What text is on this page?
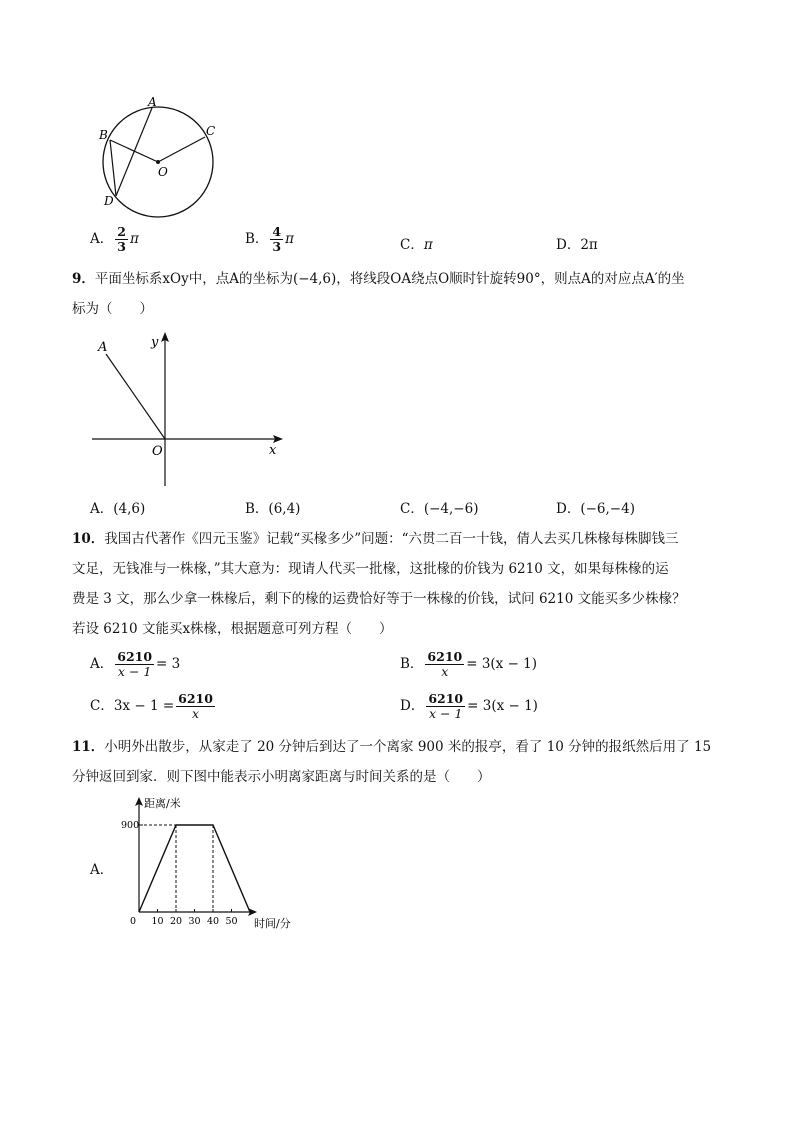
A
B	C
D
O
A． $\frac{2}{3}$ π	B． $\frac{4}{3}$ π	C．π	D．2π
9．平面坐标系xOy中，点A的坐标为(−4,6)，将线段OA绕点O顺时针旋转90°，则点A的对应点A′的坐
标为（　　）
A	y
x
O
A．(4,6)	B．(6,4)	C．(−4,−6)	D．(−6,−4)
10．我国古代著作《四元玉鉴》记载“买椽多少”问题：“六贯二百一十钱，倩人去买几株椽每株脚钱三
文足，无钱准与一株椽，”其大意为：现请人代买一批椽，这批椽的价钱为 6210 文，如果每株椽的运
费是 3 文，那么少拿一株椽后，剩下的椽的运费恰好等于一株椽的价钱，试问 6210 文能买多少株椽？
若设 6210 文能买x株椽，根据题意可列方程（　　）
A． $\frac{6210}{x - 1} = 3$	B． $\frac{6210}{x} = 3(x - 1)$
C．$3x - 1 = \frac{6210}{x}$	D． $\frac{6210}{x - 1} = 3(x - 1)$
11．小明外出散步，从家走了 20 分钟后到达了一个离家 900 米的报亭，看了 10 分钟的报纸然后用了 15
分钟返回到家．则下图中能表示小明离家距离与时间关系的是（　　）
A．
距离/米
时间/分
0 10 20 30 40 50
900
